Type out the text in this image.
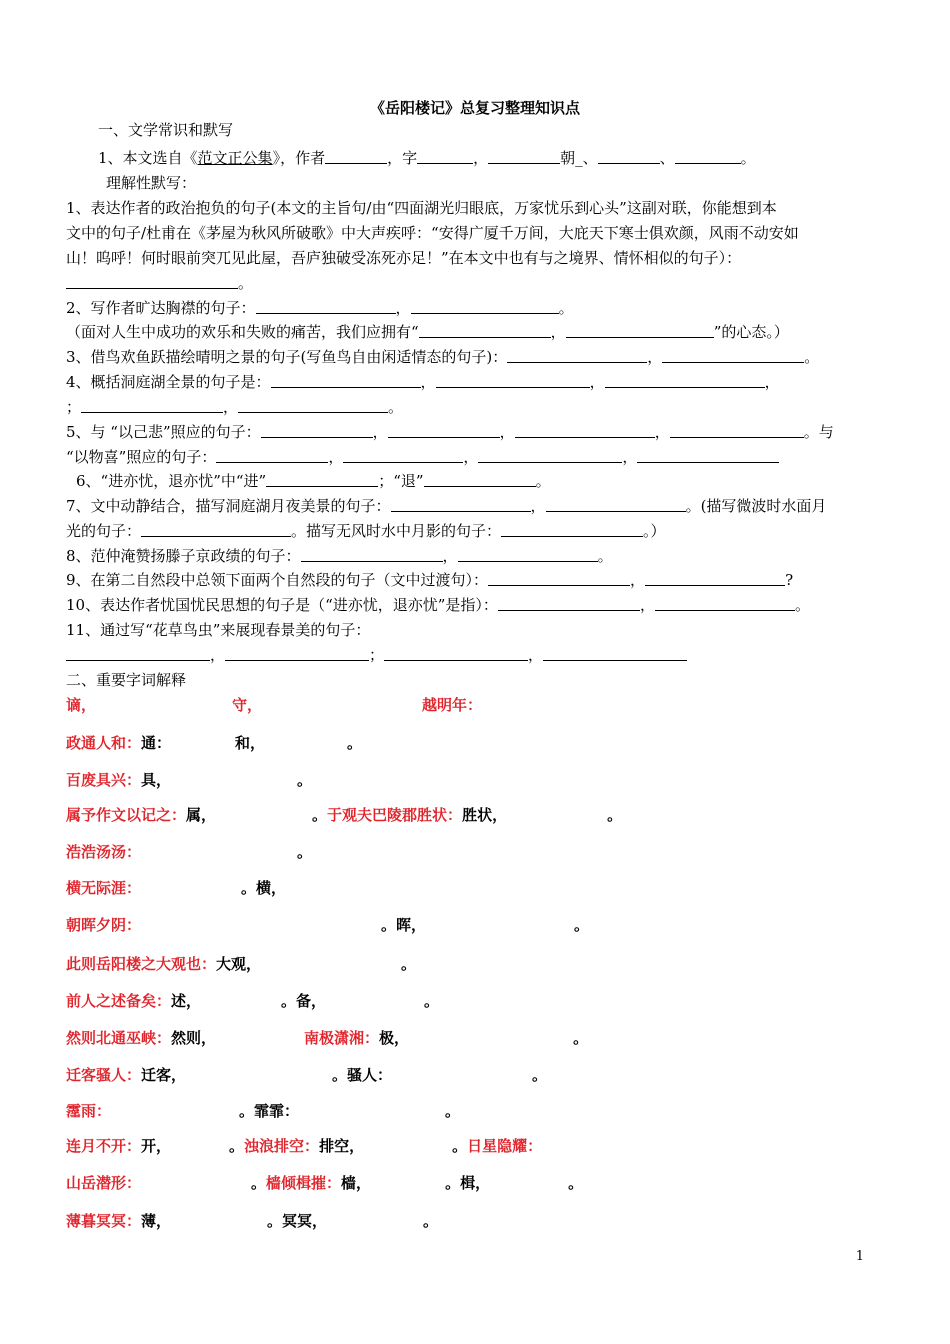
《岳阳楼记》总复习整理知识点
一、文学常识和默写
1、本文选自《范文正公集》，作者	，字	，	朝_、	、	。
理解性默写：
1、表达作者的政治抱负的句子(本文的主旨句/由“四面湖光归眼底，万家忧乐到心头”这副对联，你能想到本
文中的句子/杜甫在《茅屋为秋风所破歌》中大声疾呼：“安得广厦千万间，大庇天下寒士俱欢颜，风雨不动安如
山！呜呼！何时眼前突兀见此屋，吾庐独破受冻死亦足！”在本文中也有与之境界、情怀相似的句子）：
。
2、写作者旷达胸襟的句子：	，	。
（面对人生中成功的欢乐和失败的痛苦，我们应拥有“	，	”的心态。）
3、借鸟欢鱼跃描绘晴明之景的句子(写鱼鸟自由闲适情态的句子)：	，	。
4、概括洞庭湖全景的句子是：	，	，	，
；	，	。
5、与 “以己悲”照应的句子：	，	，	，	。与
“以物喜”照应的句子：	，	，	，
6、“进亦忧，退亦忧”中“进”	；“退”	。
7、文中动静结合，描写洞庭湖月夜美景的句子：	，	。(描写微波时水面月
光的句子：	。描写无风时水中月影的句子：	。）
8、范仲淹赞扬滕子京政绩的句子：	，	。
9、在第二自然段中总领下面两个自然段的句子（文中过渡句）：	，	?
10、表达作者忧国忧民思想的句子是（“进亦忧，退亦忧”是指）：	，	。
11、通过写“花草鸟虫”来展现春景美的句子：
，	；	，
二、重要字词解释
谪，	守，	越明年：
政通人和：通：	和，	。
百废具兴：具，	。
属予作文以记之：属，	。于观夫巴陵郡胜状：胜状，	。
浩浩汤汤：	。
横无际涯：	。横，
朝晖夕阴：	。晖，	。
此则岳阳楼之大观也：大观，	。
前人之述备矣：述，	。备，	。
然则北通巫峡：然则，	南极潇湘：极，	。
迁客骚人：迁客，	。骚人：	。
霪雨：	。霏霏：	。
连月不开：开，	。浊浪排空：排空，	。日星隐耀：
山岳潜形：	。樯倾楫摧：樯，	。楫，	。
薄暮冥冥：薄，	。冥冥，	。
1
